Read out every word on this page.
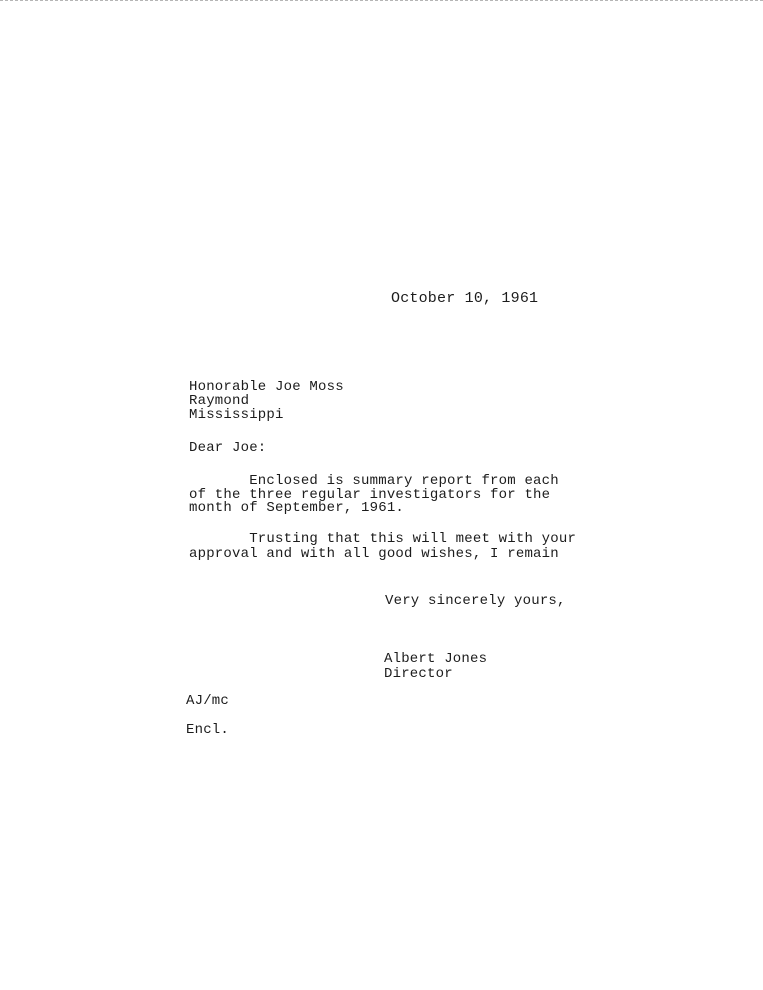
October 10, 1961
Honorable Joe Moss
Raymond
Mississippi
Dear Joe:
Enclosed is summary report from each
of the three regular investigators for the
month of September, 1961.
Trusting that this will meet with your
approval and with all good wishes, I remain
Very sincerely yours,
Albert Jones
Director
AJ/mc
Encl.
